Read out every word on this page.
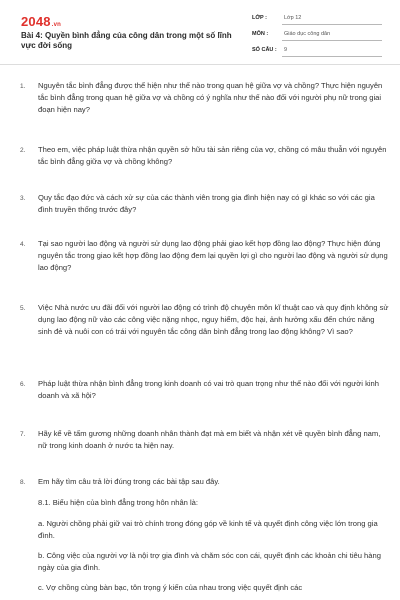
2048.vn
Bài 4: Quyền bình đẳng của công dân trong một số lĩnh vực đời sống
LỚP :	Lớp 12
MÔN :	Giáo dục công dân
SỐ CÂU : 9
1. Nguyên tắc bình đẳng được thể hiện như thế nào trong quan hệ giữa vợ và chồng? Thực hiện nguyên tắc bình đẳng trong quan hệ giữa vợ và chồng có ý nghĩa như thế nào đối với người phụ nữ trong giai đoạn hiện nay?
2. Theo em, việc pháp luật thừa nhận quyền sở hữu tài sản riêng của vợ, chồng có mâu thuẫn với nguyên tắc bình đẳng giữa vợ và chồng không?
3. Quy tắc đạo đức và cách xử sự của các thành viên trong gia đình hiện nay có gì khác so với các gia đình truyền thống trước đây?
4. Tại sao người lao động và người sử dụng lao động phải giao kết hợp đồng lao động? Thực hiện đúng nguyên tắc trong giao kết hợp đồng lao động đem lại quyền lợi gì cho người lao động và người sử dụng lao động?
5. Việc Nhà nước ưu đãi đối với người lao động có trình độ chuyên môn kĩ thuật cao và quy định không sử dụng lao động nữ vào các công việc nặng nhọc, nguy hiểm, độc hại, ảnh hưởng xấu đến chức năng sinh đẻ và nuôi con có trái với nguyên tắc công dân bình đẳng trong lao động không? Vì sao?
6. Pháp luật thừa nhận bình đẳng trong kinh doanh có vai trò quan trọng như thế nào đối với người kinh doanh và xã hội?
7. Hãy kể về tấm gương những doanh nhân thành đạt mà em biết và nhận xét về quyền bình đẳng nam, nữ trong kinh doanh ở nước ta hiện nay.
8. Em hãy tìm câu trả lời đúng trong các bài tập sau đây.
8.1. Biểu hiện của bình đẳng trong hôn nhân là:
a. Người chồng phải giữ vai trò chính trong đóng góp về kinh tế và quyết định công việc lớn trong gia đình.
b. Công việc của người vợ là nội trợ gia đình và chăm sóc con cái, quyết định các khoản chi tiêu hàng ngày của gia đình.
c. Vợ chồng cùng bàn bạc, tôn trọng ý kiến của nhau trong việc quyết định các
